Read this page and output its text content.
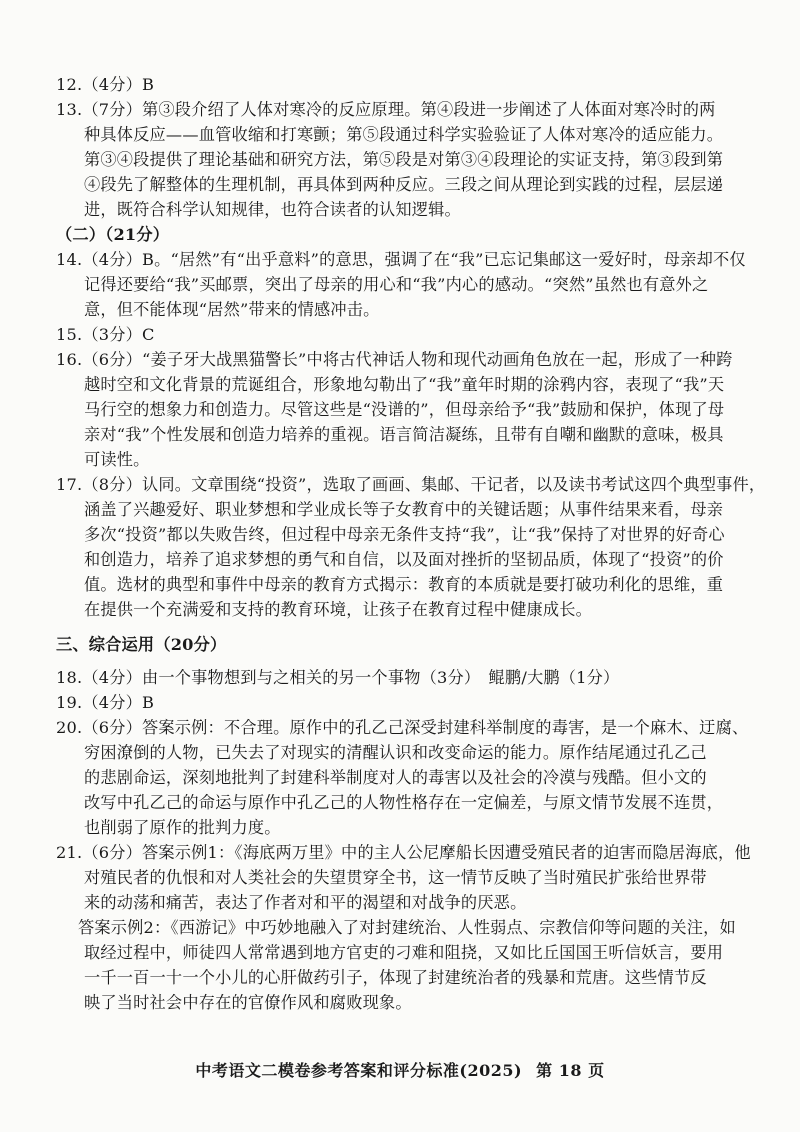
12.（4分）B
13.（7分）第③段介绍了人体对寒冷的反应原理。第④段进一步阐述了人体面对寒冷时的两
种具体反应——血管收缩和打寒颤；第⑤段通过科学实验验证了人体对寒冷的适应能力。
第③④段提供了理论基础和研究方法，第⑤段是对第③④段理论的实证支持，第③段到第
④段先了解整体的生理机制，再具体到两种反应。三段之间从理论到实践的过程，层层递
进，既符合科学认知规律，也符合读者的认知逻辑。
（二）（21分）
14.（4分）B。“居然”有“出乎意料”的意思，强调了在“我”已忘记集邮这一爱好时，母亲却不仅
记得还要给“我”买邮票，突出了母亲的用心和“我”内心的感动。“突然”虽然也有意外之
意，但不能体现“居然”带来的情感冲击。
15.（3分）C
16.（6分）“姜子牙大战黑猫警长”中将古代神话人物和现代动画角色放在一起，形成了一种跨
越时空和文化背景的荒诞组合，形象地勾勒出了“我”童年时期的涂鸦内容，表现了“我”天
马行空的想象力和创造力。尽管这些是“没谱的”，但母亲给予“我”鼓励和保护，体现了母
亲对“我”个性发展和创造力培养的重视。语言简洁凝练，且带有自嘲和幽默的意味，极具
可读性。
17.（8分）认同。文章围绕“投资”，选取了画画、集邮、干记者，以及读书考试这四个典型事件，
涵盖了兴趣爱好、职业梦想和学业成长等子女教育中的关键话题；从事件结果来看，母亲
多次“投资”都以失败告终，但过程中母亲无条件支持“我”，让“我”保持了对世界的好奇心
和创造力，培养了追求梦想的勇气和自信，以及面对挫折的坚韧品质，体现了“投资”的价
值。选材的典型和事件中母亲的教育方式揭示：教育的本质就是要打破功利化的思维，重
在提供一个充满爱和支持的教育环境，让孩子在教育过程中健康成长。
三、综合运用（20分）
18.（4分）由一个事物想到与之相关的另一个事物（3分）　鲲鹏/大鹏（1分）
19.（4分）B
20.（6分）答案示例：不合理。原作中的孔乙己深受封建科举制度的毒害，是一个麻木、迂腐、
穷困潦倒的人物，已失去了对现实的清醒认识和改变命运的能力。原作结尾通过孔乙己
的悲剧命运，深刻地批判了封建科举制度对人的毒害以及社会的冷漠与残酷。但小文的
改写中孔乙己的命运与原作中孔乙己的人物性格存在一定偏差，与原文情节发展不连贯，
也削弱了原作的批判力度。
21.（6分）答案示例1：《海底两万里》中的主人公尼摩船长因遭受殖民者的迫害而隐居海底，他
对殖民者的仇恨和对人类社会的失望贯穿全书，这一情节反映了当时殖民扩张给世界带
来的动荡和痛苦，表达了作者对和平的渴望和对战争的厌恶。
答案示例2：《西游记》中巧妙地融入了对封建统治、人性弱点、宗教信仰等问题的关注，如
取经过程中，师徒四人常常遇到地方官吏的刁难和阻挠，又如比丘国国王听信妖言，要用
一千一百一十一个小儿的心肝做药引子，体现了封建统治者的残暴和荒唐。这些情节反
映了当时社会中存在的官僚作风和腐败现象。
中考语文二模卷参考答案和评分标准(2025) 第 18 页
